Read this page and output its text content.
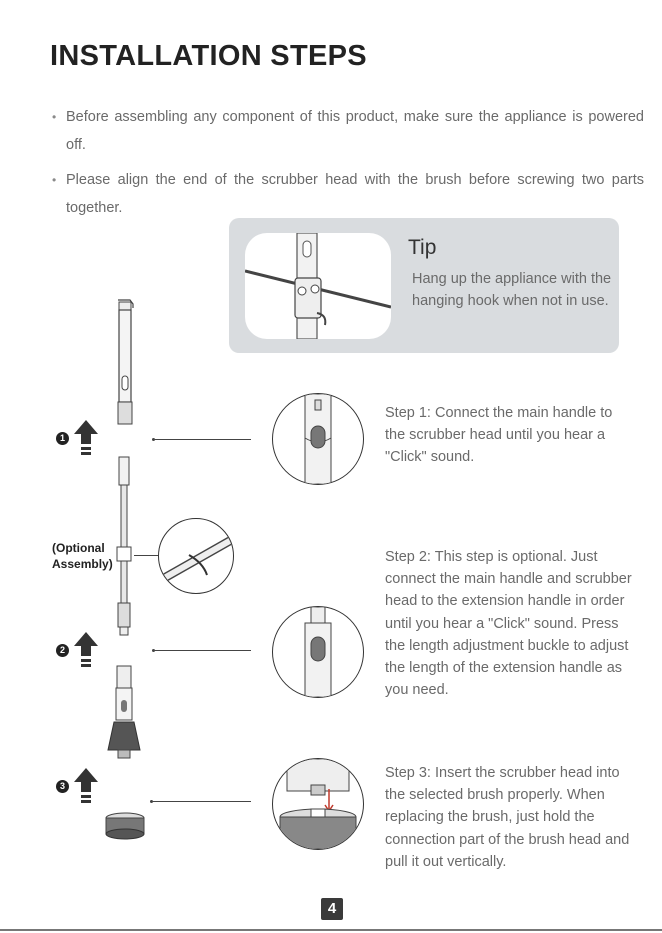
INSTALLATION STEPS
• Before assembling any component of this product, make sure the appliance is powered off.
• Please align the end of the scrubber head with the brush before screwing two parts together.
Tip
Hang up the appliance with the hanging hook when not in use.
(Optional
Assembly)
1
2
3
Step 1: Connect the main handle to the scrubber head until you hear a "Click" sound.
Step 2: This step is optional. Just connect the main handle and scrubber head to the extension handle in order until you hear a "Click" sound. Press the length adjustment buckle to adjust the length of the extension handle as you need.
Step 3: Insert the scrubber head into the selected brush properly. When replacing the brush, just hold the connection part of the brush head and pull it out vertically.
4
